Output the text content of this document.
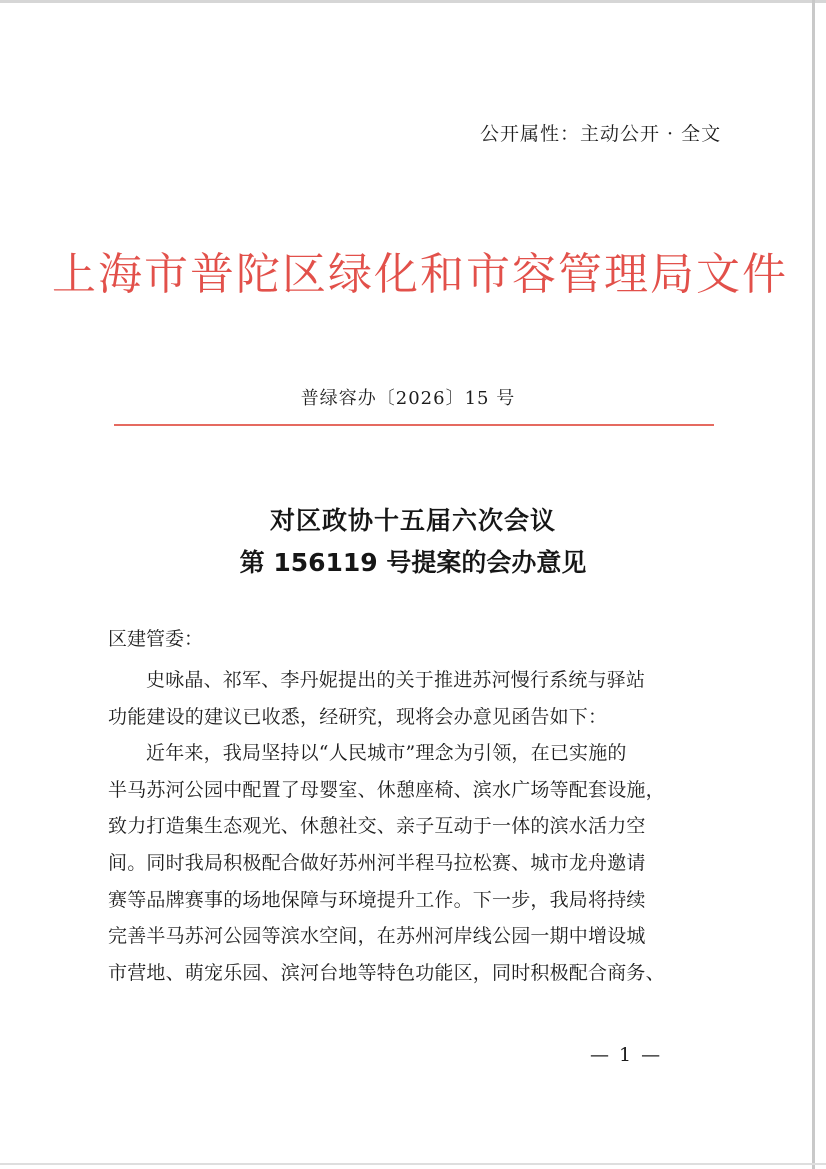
公开属性：主动公开 · 全文
上海市普陀区绿化和市容管理局文件
普绿容办〔2026〕15 号
对区政协十五届六次会议
第 156119 号提案的会办意见
区建管委：
史咏晶、祁军、李丹妮提出的关于推进苏河慢行系统与驿站
功能建设的建议已收悉，经研究，现将会办意见函告如下：
近年来，我局坚持以“人民城市”理念为引领，在已实施的
半马苏河公园中配置了母婴室、休憩座椅、滨水广场等配套设施，
致力打造集生态观光、休憩社交、亲子互动于一体的滨水活力空
间。同时我局积极配合做好苏州河半程马拉松赛、城市龙舟邀请
赛等品牌赛事的场地保障与环境提升工作。下一步，我局将持续
完善半马苏河公园等滨水空间，在苏州河岸线公园一期中增设城
市营地、萌宠乐园、滨河台地等特色功能区，同时积极配合商务、
— 1 —
